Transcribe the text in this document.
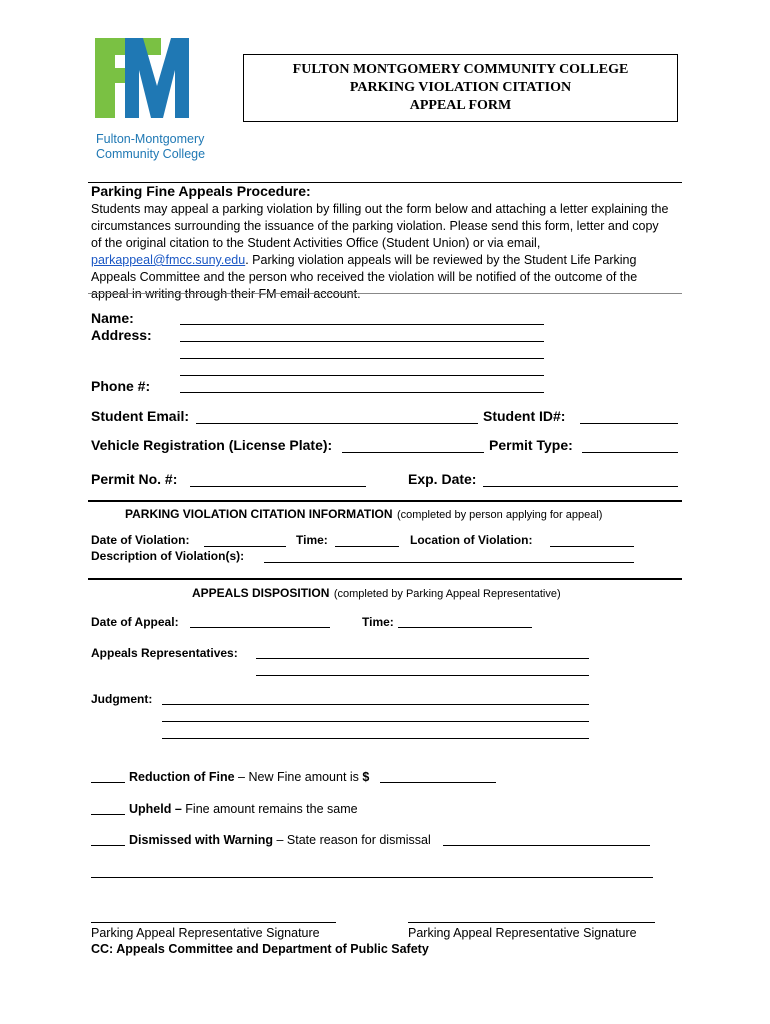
FM
Fulton-Montgomery
Community College
FULTON MONTGOMERY COMMUNITY COLLEGE
PARKING VIOLATION CITATION
APPEAL FORM
Parking Fine Appeals Procedure:
Students may appeal a parking violation by filling out the form below and attaching a letter explaining the
circumstances surrounding the issuance of the parking violation. Please send this form, letter and copy
of the original citation to the Student Activities Office (Student Union) or via email,
parkappeal@fmcc.suny.edu. Parking violation appeals will be reviewed by the Student Life Parking
Appeals Committee and the person who received the violation will be notified of the outcome of the
appeal in writing through their FM email account.
Name:
Address:
Phone #:
Student Email:	Student ID#:
Vehicle Registration (License Plate):	Permit Type:
Permit No. #:	Exp. Date:
PARKING VIOLATION CITATION INFORMATION (completed by person applying for appeal)
Date of Violation:	Time:	Location of Violation:
Description of Violation(s):
APPEALS DISPOSITION (completed by Parking Appeal Representative)
Date of Appeal:	Time:
Appeals Representatives:
Judgment:
Reduction of Fine – New Fine amount is $
Upheld – Fine amount remains the same
Dismissed with Warning – State reason for dismissal
Parking Appeal Representative Signature	Parking Appeal Representative Signature
CC: Appeals Committee and Department of Public Safety
